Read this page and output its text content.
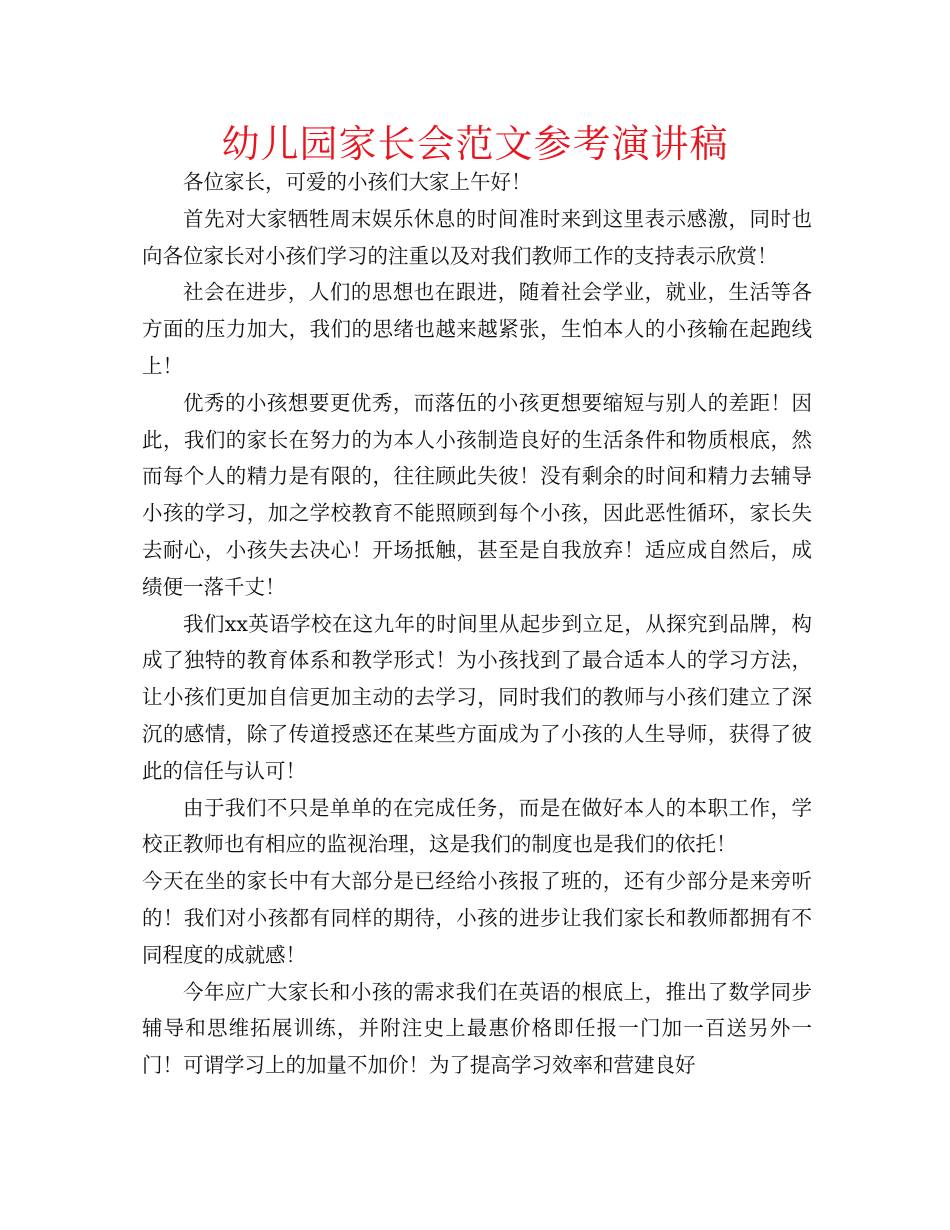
幼儿园家长会范文参考演讲稿

各位家长，可爱的小孩们大家上午好！

首先对大家牺牲周末娱乐休息的时间准时来到这里表示感激，同时也向各位家长对小孩们学习的注重以及对我们教师工作的支持表示欣赏！

社会在进步，人们的思想也在跟进，随着社会学业，就业，生活等各方面的压力加大，我们的思绪也越来越紧张，生怕本人的小孩输在起跑线上！

优秀的小孩想要更优秀，而落伍的小孩更想要缩短与别人的差距！因此，我们的家长在努力的为本人小孩制造良好的生活条件和物质根底，然而每个人的精力是有限的，往往顾此失彼！没有剩余的时间和精力去辅导小孩的学习，加之学校教育不能照顾到每个小孩，因此恶性循环，家长失去耐心，小孩失去决心！开场抵触，甚至是自我放弃！适应成自然后，成绩便一落千丈！

我们xx英语学校在这九年的时间里从起步到立足，从探究到品牌，构成了独特的教育体系和教学形式！为小孩找到了最合适本人的学习方法，让小孩们更加自信更加主动的去学习，同时我们的教师与小孩们建立了深沉的感情，除了传道授惑还在某些方面成为了小孩的人生导师，获得了彼此的信任与认可！

由于我们不只是单单的在完成任务，而是在做好本人的本职工作，学校正教师也有相应的监视治理，这是我们的制度也是我们的依托！

今天在坐的家长中有大部分是已经给小孩报了班的，还有少部分是来旁听的！我们对小孩都有同样的期待，小孩的进步让我们家长和教师都拥有不同程度的成就感！

今年应广大家长和小孩的需求我们在英语的根底上，推出了数学同步辅导和思维拓展训练，并附注史上最惠价格即任报一门加一百送另外一门！可谓学习上的加量不加价！为了提高学习效率和营建良好
